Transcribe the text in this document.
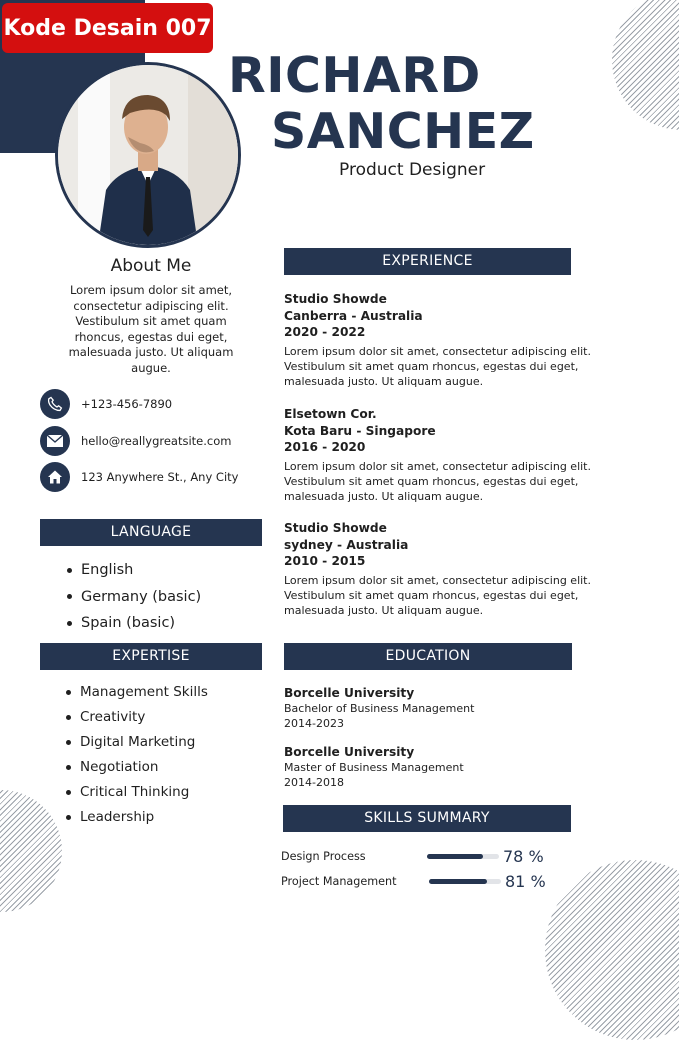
Kode Desain 007
RICHARD
SANCHEZ
Product Designer
About Me
Lorem ipsum dolor sit amet, consectetur adipiscing elit. Vestibulum sit amet quam rhoncus, egestas dui eget, malesuada justo. Ut aliquam augue.
+123-456-7890
hello@reallygreatsite.com
123 Anywhere St., Any City
LANGUAGE
English
Germany (basic)
Spain (basic)
EXPERTISE
Management Skills
Creativity
Digital Marketing
Negotiation
Critical Thinking
Leadership
EXPERIENCE
Studio Showde
Canberra - Australia
2020 - 2022
Lorem ipsum dolor sit amet, consectetur adipiscing elit. Vestibulum sit amet quam rhoncus, egestas dui eget, malesuada justo. Ut aliquam augue.
Elsetown Cor.
Kota Baru - Singapore
2016 - 2020
Lorem ipsum dolor sit amet, consectetur adipiscing elit. Vestibulum sit amet quam rhoncus, egestas dui eget, malesuada justo. Ut aliquam augue.
Studio Showde
sydney - Australia
2010 - 2015
Lorem ipsum dolor sit amet, consectetur adipiscing elit. Vestibulum sit amet quam rhoncus, egestas dui eget, malesuada justo. Ut aliquam augue.
EDUCATION
Borcelle University
Bachelor of Business Management
2014-2023
Borcelle University
Master of Business Management
2014-2018
SKILLS SUMMARY
Design Process	78 %
Project Management	81 %
